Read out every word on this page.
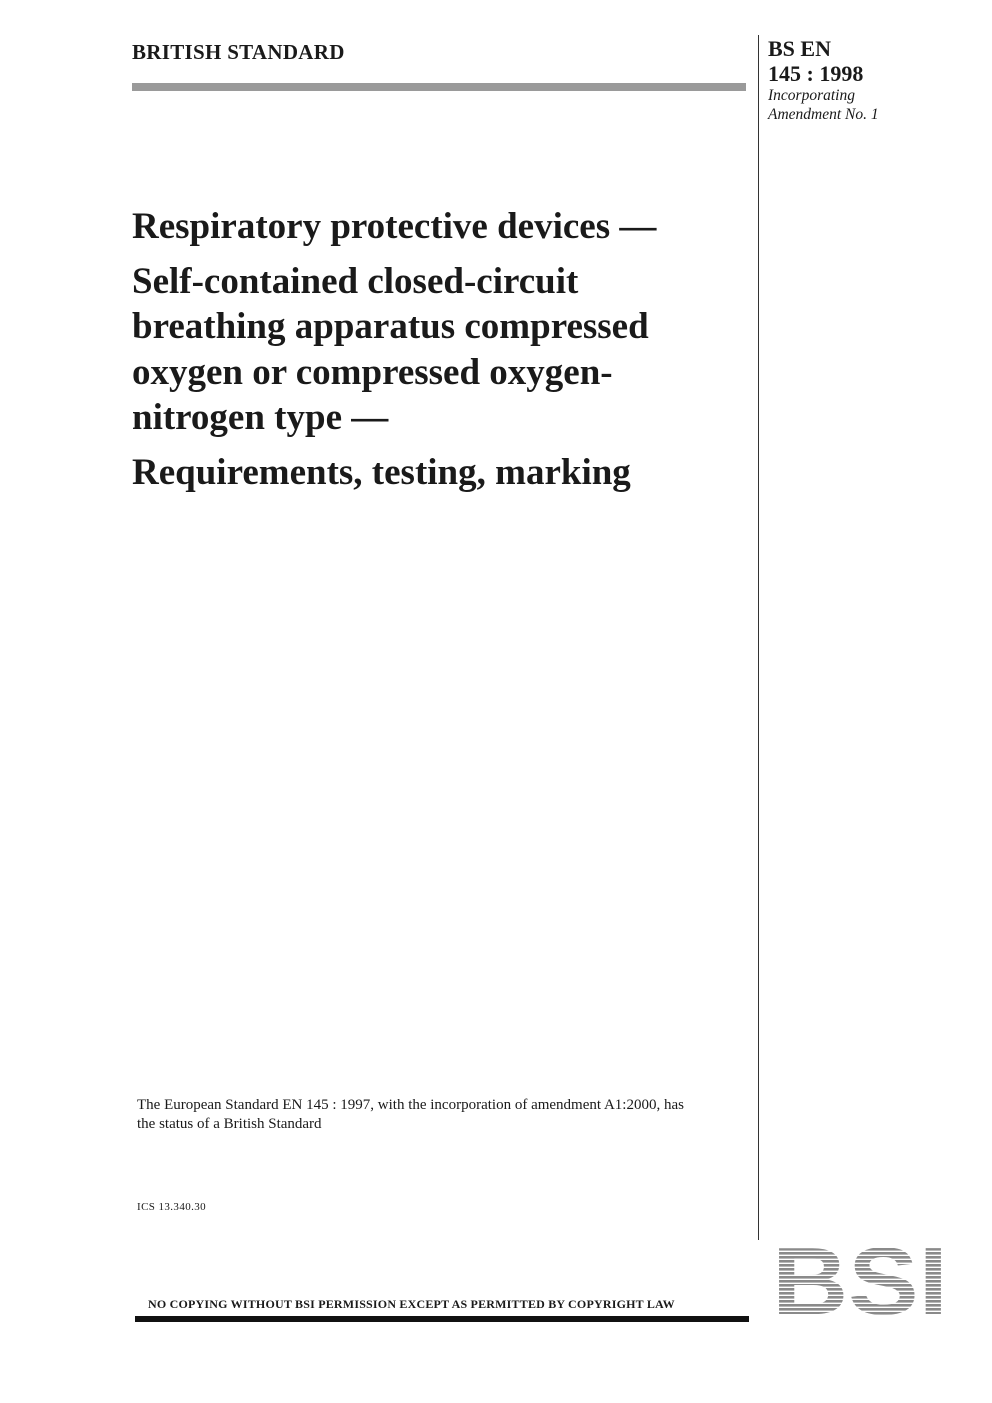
BRITISH STANDARD	BS EN
145 : 1998
Incorporating
Amendment No. 1
Respiratory protective devices —
Self-contained closed-circuit breathing apparatus compressed oxygen or compressed oxygen-nitrogen type —
Requirements, testing, marking
The European Standard EN 145 : 1997, with the incorporation of amendment A1:2000, has the status of a British Standard
ICS 13.340.30
NO COPYING WITHOUT BSI PERMISSION EXCEPT AS PERMITTED BY COPYRIGHT LAW BSI
